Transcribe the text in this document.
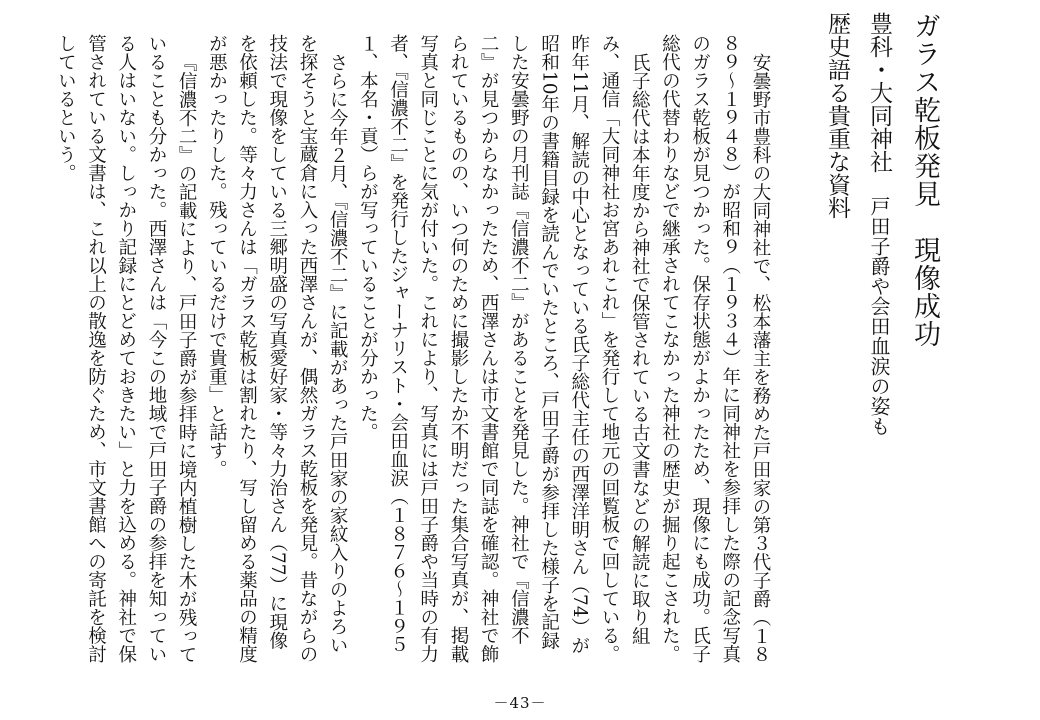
ガラス乾板発見　現像成功
豊科・大同神社　戸田子爵や会田血涙の姿も
歴史語る貴重な資料

安曇野市豊科の大同神社で、松本藩主を務めた戸田家の第３代子爵（１８８９～１９４８）が昭和９（１９３４）年に同神社を参拝した際の記念写真のガラス乾板が見つかった。保存状態がよかったため、現像にも成功。氏子総代の代替わりなどで継承されてこなかった神社の歴史が掘り起こされた。

氏子総代は本年度から神社で保管されている古文書などの解読に取り組み、通信「大同神社お宮あれこれ」を発行して地元の回覧板で回している。昨年11月、解読の中心となっている氏子総代主任の西澤洋明さん（74）が昭和10年の書籍目録を読んでいたところ、戸田子爵が参拝した様子を記録した安曇野の月刊誌『信濃不二』があることを発見した。神社で『信濃不二』が見つからなかったため、西澤さんは市文書館で同誌を確認。神社で飾られているものの、いつ何のために撮影したか不明だった集合写真が、掲載写真と同じことに気が付いた。これにより、写真には戸田子爵や当時の有力者、『信濃不二』を発行したジャーナリスト・会田血涙（１８７６～１９５１、本名・貢）らが写っていることが分かった。

さらに今年２月、『信濃不二』に記載があった戸田家の家紋入りのよろいを探そうと宝蔵倉に入った西澤さんが、偶然ガラス乾板を発見。昔ながらの技法で現像をしている三郷明盛の写真愛好家・等々力治さん（77）に現像を依頼した。等々力さんは「ガラス乾板は割れたり、写し留める薬品の精度が悪かったりした。残っているだけで貴重」と話す。

『信濃不二』の記載により、戸田子爵が参拝時に境内植樹した木が残っていることも分かった。西澤さんは「今この地域で戸田子爵の参拝を知っている人はいない。しっかり記録にとどめておきたい」と力を込める。神社で保管されている文書は、これ以上の散逸を防ぐため、市文書館への寄託を検討しているという。

－43－
